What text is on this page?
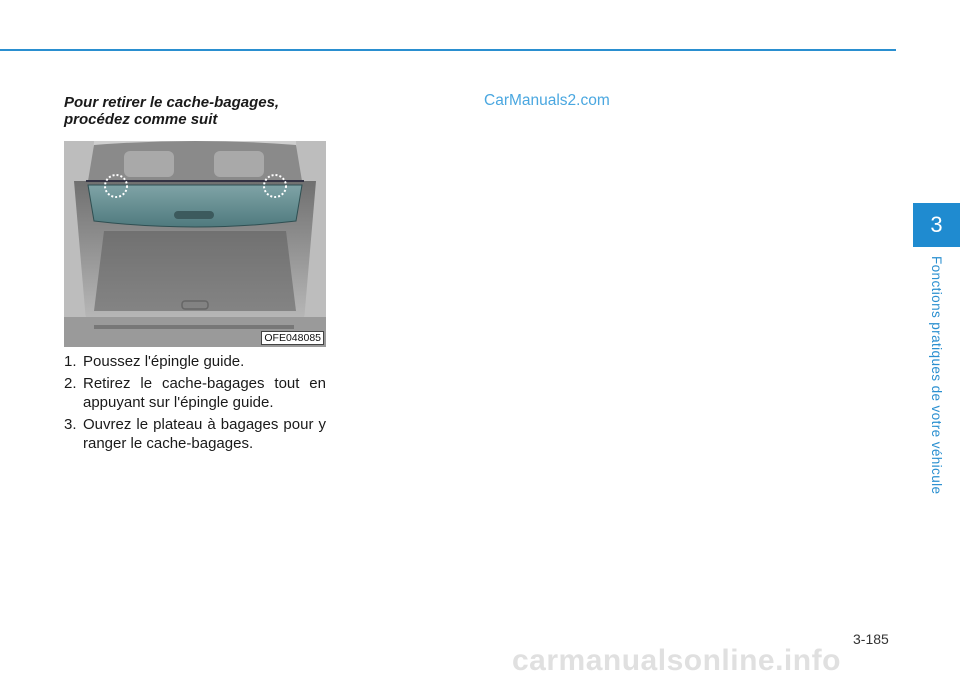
Pour retirer le cache-bagages,
procédez comme suit
CarManuals2.com
OFE048085
1. Poussez l'épingle guide.
2. Retirez le cache-bagages tout en appuyant sur l'épingle guide.
3. Ouvrez le plateau à bagages pour y ranger le cache-bagages.
3
Fonctions pratiques de votre véhicule
3-185
carmanualsonline.info
